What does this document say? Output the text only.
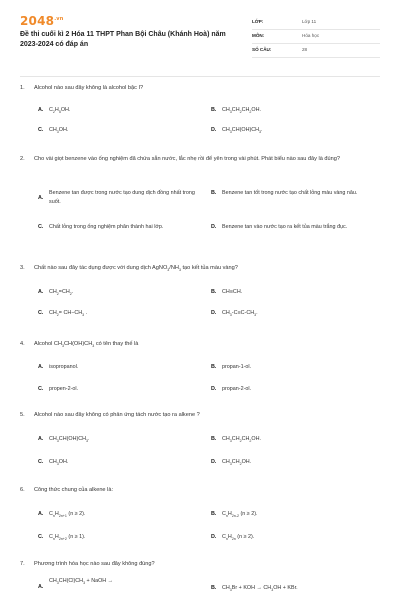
$2048^{.vn}$
Đề thi cuối kì 2 Hóa 11 THPT Phan Bội Châu (Khánh Hoà) năm 2023-2024 có đáp án
LỚP:	Lớp 11
MÔN:	Hóa học
SỐ CÂU:	28
1. Alcohol nào sau đây không là alcohol bậc I?
A. $C_2H_5OH$.	B. $CH_3CH_2CH_2OH$.
C. $CH_3OH$.	D. $CH_3CH(OH)CH_3$.
2. Cho vài giọt benzene vào ống nghiệm đã chứa sẵn nước, lắc nhẹ rồi để yên trong vài phút. Phát biểu nào sau đây là đúng?
A.
Benzene tan được trong nước tạo dung dịch đồng nhất trong suốt.
B.	Benzene tan tốt trong nước tạo chất lỏng màu vàng nâu.
C.	Chất lỏng trong ống nghiệm phân thành hai lớp.	D.	Benzene tan vào nước tạo ra kết tủa màu trắng đục.
3. Chất nào sau đây tác dụng được với dung dịch $AgNO_3/NH_3$ tạo kết tủa màu vàng?
A. $CH_2=CH_2$.	B. CH≡CH.
C. $CH_2= CH-CH_3$ .	D. $CH_3-C\equiv C-CH_3$.
4. Alcohol $CH_3CH(OH)CH_3$ có tên thay thế là
A. isopropanol.	B. propan-1-ol.
C. propen-2-ol.	D. propan-2-ol.
5. Alcohol nào sau đây không có phản ứng tách nước tạo ra alkene ?
A. $CH_3CH(OH)CH_3$.	B. $CH_3CH_2CH_2OH$.
C. $CH_3OH$.	D. $CH_3CH_2OH$.
6. Công thức chung của alkene là:
A. $C_nH_{2n+1}$ (n ≥ 2).	B. $C_nH_{2n-2}$ (n ≥ 2).
C. $C_nH_{2n+2}$ (n ≥ 1).	D. $C_nH_{2n}$ (n ≥ 2).
7. Phương trình hóa học nào sau đây không đúng?
$A.CH_3CH(Cl)CH_3$ + NaOH →
B. $CH_3Br$ + KOH → $CH_3OH$ + KBr.
